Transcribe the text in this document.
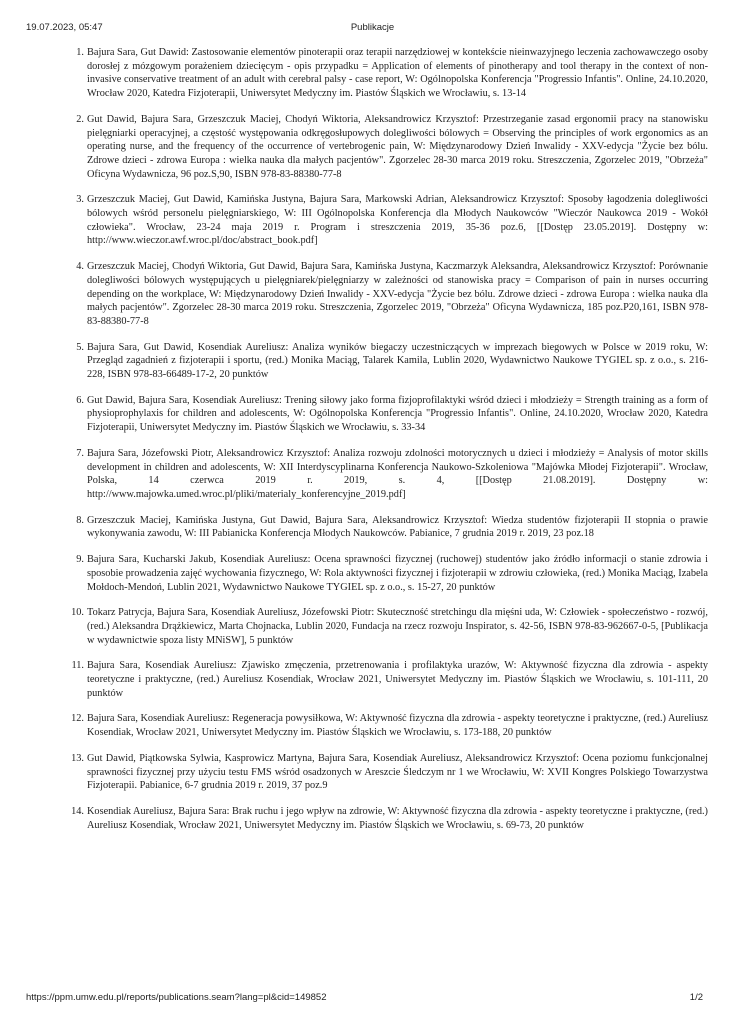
19.07.2023, 05:47	Publikacje
1. Bajura Sara, Gut Dawid: Zastosowanie elementów pinoterapii oraz terapii narzędziowej w kontekście nieinwazyjnego leczenia zachowawczego osoby dorosłej z mózgowym porażeniem dziecięcym - opis przypadku = Application of elements of pinotherapy and tool therapy in the context of non-invasive conservative treatment of an adult with cerebral palsy - case report, W: Ogólnopolska Konferencja "Progressio Infantis". Online, 24.10.2020, Wrocław 2020, Katedra Fizjoterapii, Uniwersytet Medyczny im. Piastów Śląskich we Wrocławiu, s. 13-14
2. Gut Dawid, Bajura Sara, Grzeszczuk Maciej, Chodyń Wiktoria, Aleksandrowicz Krzysztof: Przestrzeganie zasad ergonomii pracy na stanowisku pielęgniarki operacyjnej, a częstość występowania odkręgosłupowych dolegliwości bólowych = Observing the principles of work ergonomics as an operating nurse, and the frequency of the occurrence of vertebrogenic pain, W: Międzynarodowy Dzień Inwalidy - XXV-edycja "Życie bez bólu. Zdrowe dzieci - zdrowa Europa : wielka nauka dla małych pacjentów". Zgorzelec 28-30 marca 2019 roku. Streszczenia, Zgorzelec 2019, "Obrzeża" Oficyna Wydawnicza, 96 poz.S,90, ISBN 978-83-88380-77-8
3. Grzeszczuk Maciej, Gut Dawid, Kamińska Justyna, Bajura Sara, Markowski Adrian, Aleksandrowicz Krzysztof: Sposoby łagodzenia dolegliwości bólowych wśród personelu pielęgniarskiego, W: III Ogólnopolska Konferencja dla Młodych Naukowców "Wieczór Naukowca 2019 - Wokół człowieka". Wrocław, 23-24 maja 2019 r. Program i streszczenia 2019, 35-36 poz.6, [[Dostęp 23.05.2019]. Dostępny w: http://www.wieczor.awf.wroc.pl/doc/abstract_book.pdf]
4. Grzeszczuk Maciej, Chodyń Wiktoria, Gut Dawid, Bajura Sara, Kamińska Justyna, Kaczmarzyk Aleksandra, Aleksandrowicz Krzysztof: Porównanie dolegliwości bólowych występujących u pielęgniarek/pielęgniarzy w zależności od stanowiska pracy = Comparison of pain in nurses occurring depending on the workplace, W: Międzynarodowy Dzień Inwalidy - XXV-edycja "Życie bez bólu. Zdrowe dzieci - zdrowa Europa : wielka nauka dla małych pacjentów". Zgorzelec 28-30 marca 2019 roku. Streszczenia, Zgorzelec 2019, "Obrzeża" Oficyna Wydawnicza, 185 poz.P20,161, ISBN 978-83-88380-77-8
5. Bajura Sara, Gut Dawid, Kosendiak Aureliusz: Analiza wyników biegaczy uczestniczących w imprezach biegowych w Polsce w 2019 roku, W: Przegląd zagadnień z fizjoterapii i sportu, (red.) Monika Maciąg, Talarek Kamila, Lublin 2020, Wydawnictwo Naukowe TYGIEL sp. z o.o., s. 216-228, ISBN 978-83-66489-17-2, 20 punktów
6. Gut Dawid, Bajura Sara, Kosendiak Aureliusz: Trening siłowy jako forma fizjoprofilaktyki wśród dzieci i młodzieży = Strength training as a form of physioprophylaxis for children and adolescents, W: Ogólnopolska Konferencja "Progressio Infantis". Online, 24.10.2020, Wrocław 2020, Katedra Fizjoterapii, Uniwersytet Medyczny im. Piastów Śląskich we Wrocławiu, s. 33-34
7. Bajura Sara, Józefowski Piotr, Aleksandrowicz Krzysztof: Analiza rozwoju zdolności motorycznych u dzieci i młodzieży = Analysis of motor skills development in children and adolescents, W: XII Interdyscyplinarna Konferencja Naukowo-Szkoleniowa "Majówka Młodej Fizjoterapii". Wrocław, Polska, 14 czerwca 2019 r. 2019, s. 4, [[Dostęp 21.08.2019]. Dostępny w: http://www.majowka.umed.wroc.pl/pliki/materialy_konferencyjne_2019.pdf]
8. Grzeszczuk Maciej, Kamińska Justyna, Gut Dawid, Bajura Sara, Aleksandrowicz Krzysztof: Wiedza studentów fizjoterapii II stopnia o prawie wykonywania zawodu, W: III Pabianicka Konferencja Młodych Naukowców. Pabianice, 7 grudnia 2019 r. 2019, 23 poz.18
9. Bajura Sara, Kucharski Jakub, Kosendiak Aureliusz: Ocena sprawności fizycznej (ruchowej) studentów jako źródło informacji o stanie zdrowia i sposobie prowadzenia zajęć wychowania fizycznego, W: Rola aktywności fizycznej i fizjoterapii w zdrowiu człowieka, (red.) Monika Maciąg, Izabela Mołdoch-Mendoń, Lublin 2021, Wydawnictwo Naukowe TYGIEL sp. z o.o., s. 15-27, 20 punktów
10. Tokarz Patrycja, Bajura Sara, Kosendiak Aureliusz, Józefowski Piotr: Skuteczność stretchingu dla mięśni uda, W: Człowiek - społeczeństwo - rozwój, (red.) Aleksandra Drążkiewicz, Marta Chojnacka, Lublin 2020, Fundacja na rzecz rozwoju Inspirator, s. 42-56, ISBN 978-83-962667-0-5, [Publikacja w wydawnictwie spoza listy MNiSW], 5 punktów
11. Bajura Sara, Kosendiak Aureliusz: Zjawisko zmęczenia, przetrenowania i profilaktyka urazów, W: Aktywność fizyczna dla zdrowia - aspekty teoretyczne i praktyczne, (red.) Aureliusz Kosendiak, Wrocław 2021, Uniwersytet Medyczny im. Piastów Śląskich we Wrocławiu, s. 101-111, 20 punktów
12. Bajura Sara, Kosendiak Aureliusz: Regeneracja powysiłkowa, W: Aktywność fizyczna dla zdrowia - aspekty teoretyczne i praktyczne, (red.) Aureliusz Kosendiak, Wrocław 2021, Uniwersytet Medyczny im. Piastów Śląskich we Wrocławiu, s. 173-188, 20 punktów
13. Gut Dawid, Piątkowska Sylwia, Kasprowicz Martyna, Bajura Sara, Kosendiak Aureliusz, Aleksandrowicz Krzysztof: Ocena poziomu funkcjonalnej sprawności fizycznej przy użyciu testu FMS wśród osadzonych w Areszcie Śledczym nr 1 we Wrocławiu, W: XVII Kongres Polskiego Towarzystwa Fizjoterapii. Pabianice, 6-7 grudnia 2019 r. 2019, 37 poz.9
14. Kosendiak Aureliusz, Bajura Sara: Brak ruchu i jego wpływ na zdrowie, W: Aktywność fizyczna dla zdrowia - aspekty teoretyczne i praktyczne, (red.) Aureliusz Kosendiak, Wrocław 2021, Uniwersytet Medyczny im. Piastów Śląskich we Wrocławiu, s. 69-73, 20 punktów
https://ppm.umw.edu.pl/reports/publications.seam?lang=pl&cid=149852	1/2
